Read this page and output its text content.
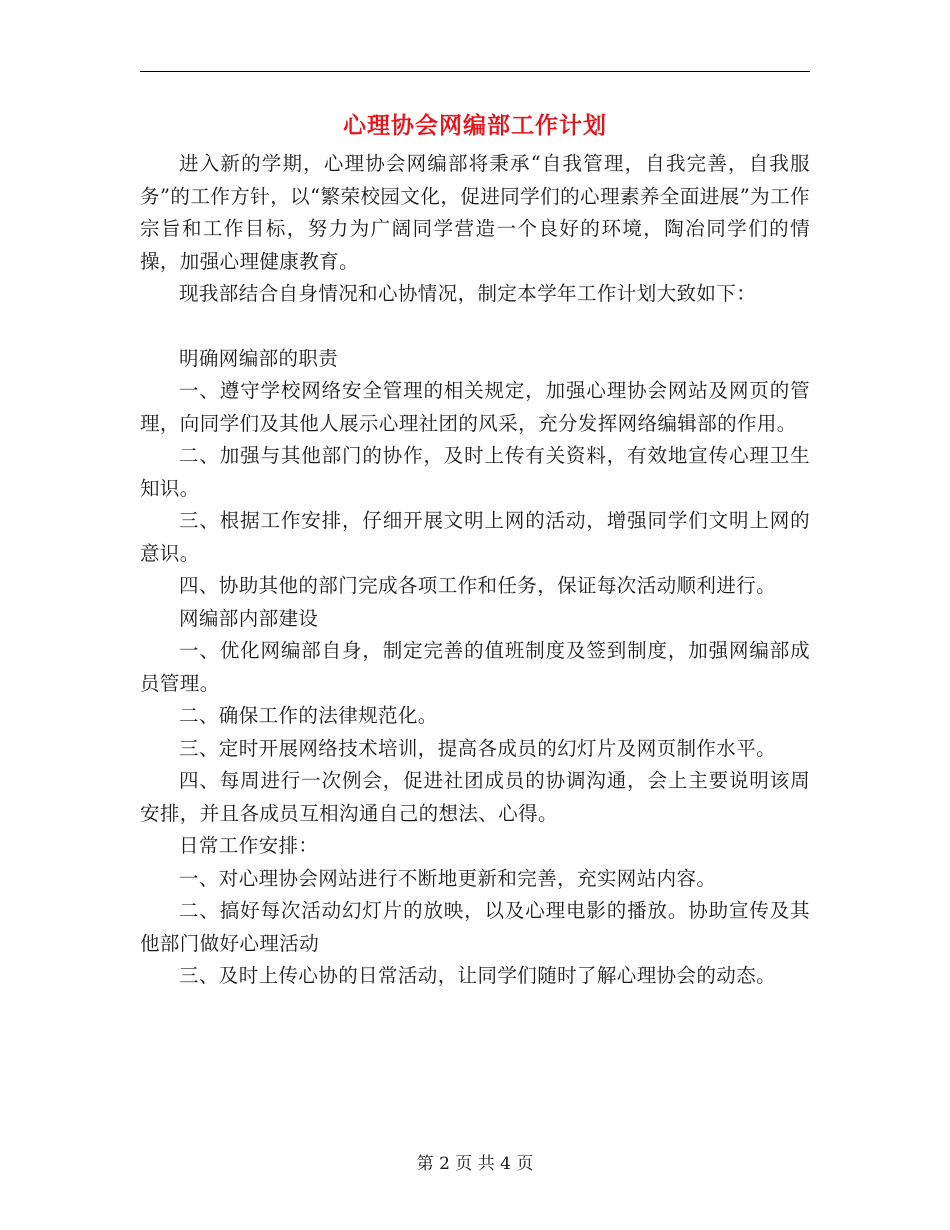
心理协会网编部工作计划

进入新的学期，心理协会网编部将秉承“自我管理，自我完善，自我服务”的工作方针，以“繁荣校园文化，促进同学们的心理素养全面进展”为工作宗旨和工作目标，努力为广阔同学营造一个良好的环境，陶冶同学们的情操，加强心理健康教育。

现我部结合自身情况和心协情况，制定本学年工作计划大致如下：

明确网编部的职责

一、遵守学校网络安全管理的相关规定，加强心理协会网站及网页的管理，向同学们及其他人展示心理社团的风采，充分发挥网络编辑部的作用。

二、加强与其他部门的协作，及时上传有关资料，有效地宣传心理卫生知识。

三、根据工作安排，仔细开展文明上网的活动，增强同学们文明上网的意识。

四、协助其他的部门完成各项工作和任务，保证每次活动顺利进行。

网编部内部建设

一、优化网编部自身，制定完善的值班制度及签到制度，加强网编部成员管理。

二、确保工作的法律规范化。

三、定时开展网络技术培训，提高各成员的幻灯片及网页制作水平。

四、每周进行一次例会，促进社团成员的协调沟通，会上主要说明该周安排，并且各成员互相沟通自己的想法、心得。

日常工作安排：

一、对心理协会网站进行不断地更新和完善，充实网站内容。

二、搞好每次活动幻灯片的放映，以及心理电影的播放。协助宣传及其他部门做好心理活动

三、及时上传心协的日常活动，让同学们随时了解心理协会的动态。

第 2 页 共 4 页
